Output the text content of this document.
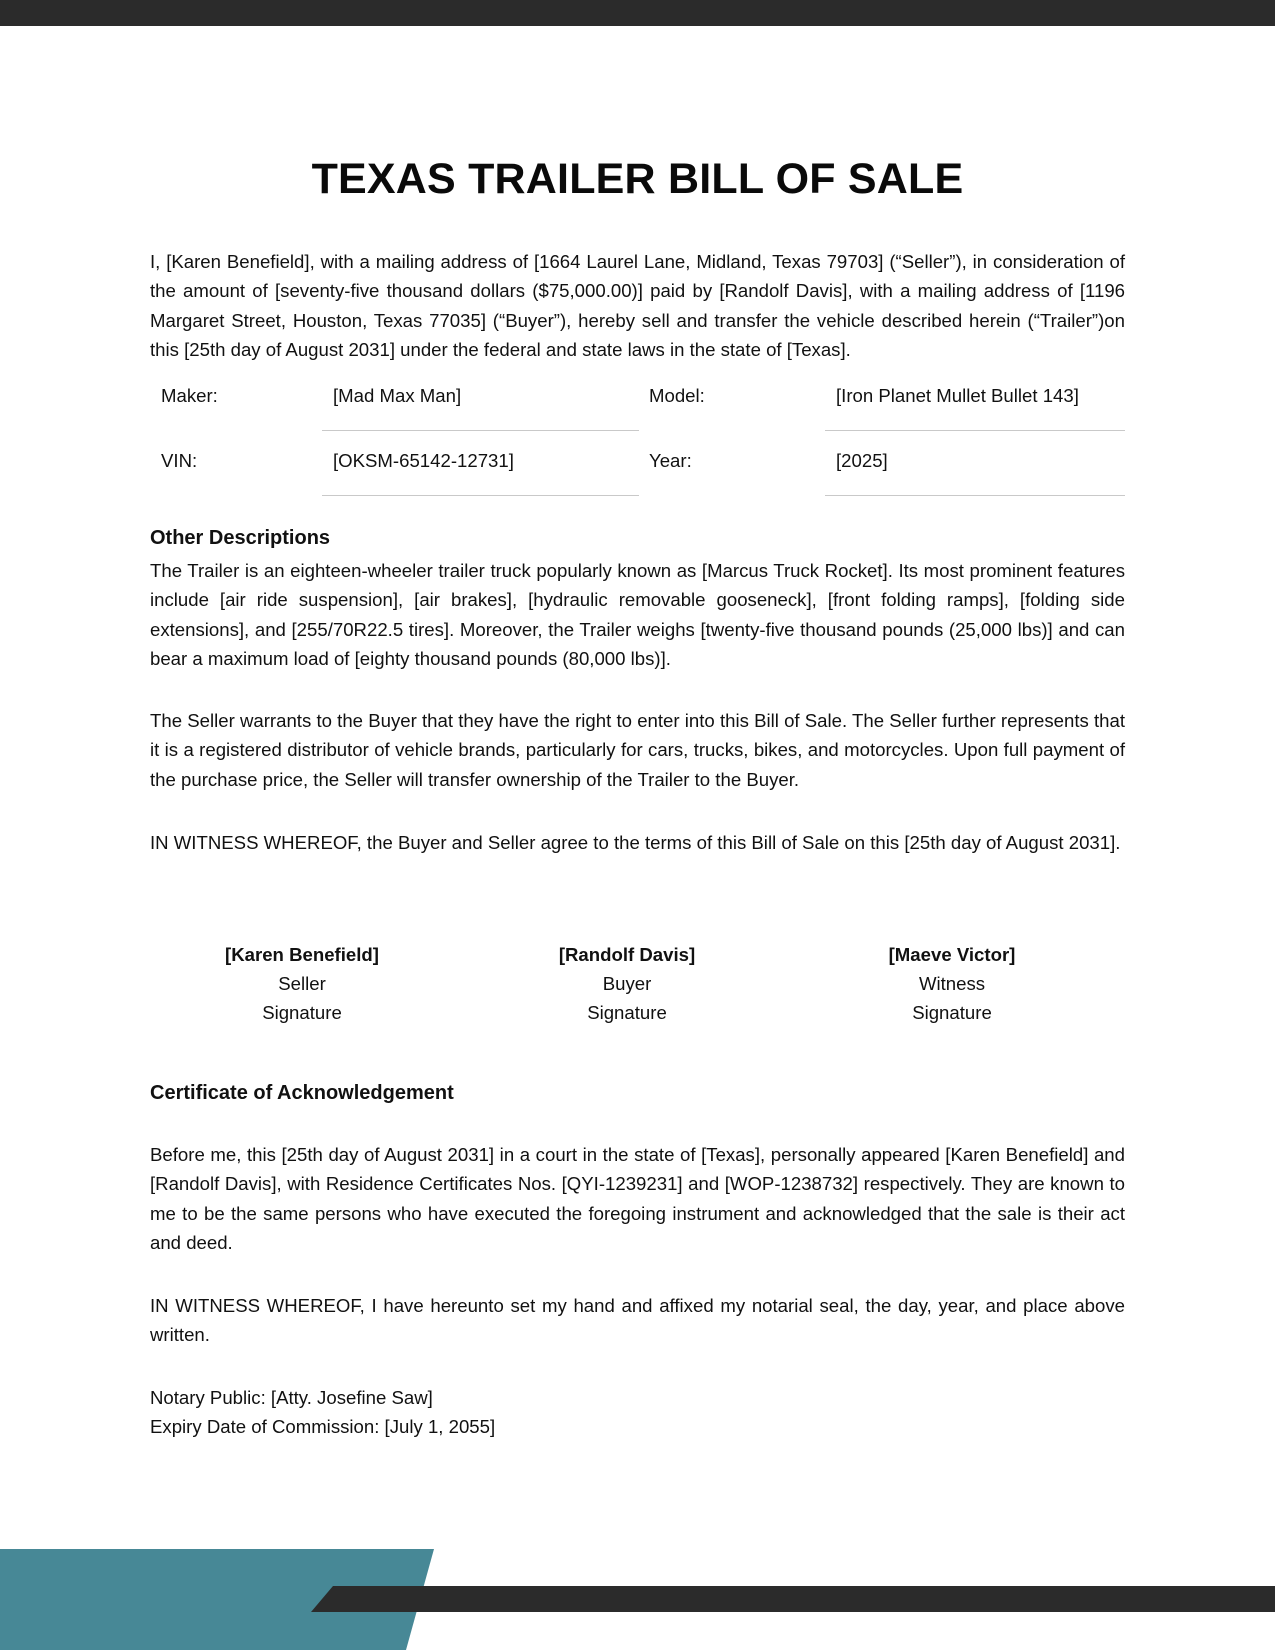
TEXAS TRAILER BILL OF SALE

I, [Karen Benefield], with a mailing address of [1664 Laurel Lane, Midland, Texas 79703] (“Seller”), in consideration of the amount of [seventy-five thousand dollars ($75,000.00)] paid by [Randolf Davis], with a mailing address of [1196 Margaret Street, Houston, Texas 77035] (“Buyer”), hereby sell and transfer the vehicle described herein (“Trailer”)on this [25th day of August 2031] under the federal and state laws in the state of [Texas].

Maker:	[Mad Max Man]	Model:	[Iron Planet Mullet Bullet 143]
VIN:	[OKSM-65142-12731]	Year:	[2025]
Other Descriptions

The Trailer is an eighteen-wheeler trailer truck popularly known as [Marcus Truck Rocket]. Its most prominent features include [air ride suspension], [air brakes], [hydraulic removable gooseneck], [front folding ramps], [folding side extensions], and [255/70R22.5 tires]. Moreover, the Trailer weighs [twenty-five thousand pounds (25,000 lbs)] and can bear a maximum load of [eighty thousand pounds (80,000 lbs)].

The Seller warrants to the Buyer that they have the right to enter into this Bill of Sale. The Seller further represents that it is a registered distributor of vehicle brands, particularly for cars, trucks, bikes, and motorcycles. Upon full payment of the purchase price, the Seller will transfer ownership of the Trailer to the Buyer.

IN WITNESS WHEREOF, the Buyer and Seller agree to the terms of this Bill of Sale on this [25th day of August 2031].

[Karen Benefield]
Seller
Signature
[Randolf Davis]
Buyer
Signature
[Maeve Victor]
Witness
Signature
Certificate of Acknowledgement

Before me, this [25th day of August 2031] in a court in the state of [Texas], personally appeared [Karen Benefield] and [Randolf Davis], with Residence Certificates Nos. [QYI-1239231] and [WOP-1238732] respectively. They are known to me to be the same persons who have executed the foregoing instrument and acknowledged that the sale is their act and deed.

IN WITNESS WHEREOF, I have hereunto set my hand and affixed my notarial seal, the day, year, and place above written.

Notary Public: [Atty. Josefine Saw]

Expiry Date of Commission: [July 1, 2055]
